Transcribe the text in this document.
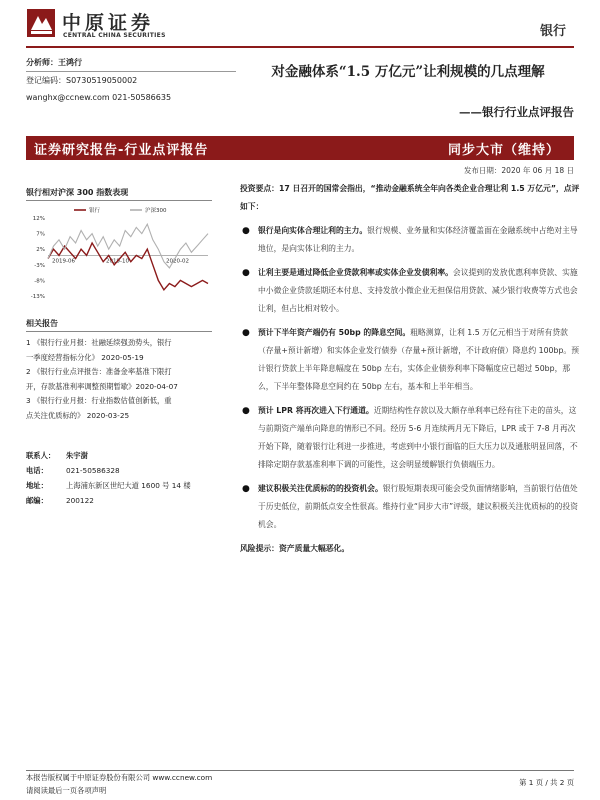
中原证券
CENTRAL CHINA SECURITIES	银行
分析师：王鸿行
登记编码：S0730519050002
wanghx@ccnew.com 021-50586635
对金融体系“1.5 万亿元”让利规模的几点理解
——银行行业点评报告
证券研究报告-行业点评报告	同步大市（维持）
发布日期：2020 年 06 月 18 日
银行相对沪深 300 指数表现
12%
7%
2%
-3%
-8%
-13%
2019-06	2019-10	2020-02
银行	沪深300
相关报告
1 《银行行业月报：社融延续强劲势头，银行
一季度经营指标分化》 2020-05-19
2 《银行行业点评报告：准备金率基准下限打
开，存款基准利率调整预期暂歇》2020-04-07
3 《银行行业月报：行业指数估值创新低，重
点关注优质标的》 2020-03-25
联系人： 朱宇澍
电话： 021-50586328
地址： 上海浦东新区世纪大道 1600 号 14 楼
邮编： 200122
投资要点：17 日召开的国常会指出，“推动金融系统全年向各类企业合理让利 1.5 万亿元”，点评如下：
● 银行是向实体合理让利的主力。银行规模、业务量和实体经济覆盖面在金融系统中占绝对主导地位，是向实体让利的主力。
● 让利主要是通过降低企业贷款利率或实体企业发债利率。会议提到的发放优惠利率贷款、实施中小微企业贷款延期还本付息、支持发放小微企业无担保信用贷款、减少银行收费等方式也会让利，但占比相对较小。
● 预计下半年资产端仍有 50bp 的降息空间。粗略测算，让利 1.5 万亿元相当于对所有贷款（存量+预计新增）和实体企业发行债券（存量+预计新增，不计政府债）降息约 100bp。预计银行贷款上半年降息幅度在 50bp 左右，实体企业债券利率下降幅度应已超过 50bp，那么，下半年整体降息空间约在 50bp 左右，基本和上半年相当。
● 预计 LPR 将再次进入下行通道。近期结构性存款以及大额存单利率已经有往下走的苗头，这与前期资产端单向降息的情形已不同。经历 5-6 月连续两月无下降后，LPR 或于 7-8 月再次开始下降，随着银行让利进一步推进，考虑到中小银行面临的巨大压力以及通胀明显回落，不排除定期存款基准利率下调的可能性，这会明显缓解银行负债端压力。
● 建议积极关注优质标的的投资机会。银行股短期表现可能会受负面情绪影响，当前银行估值处于历史低位，前期低点安全性很高。维持行业“同步大市”评级，建议积极关注优质标的的投资机会。
风险提示：资产质量大幅恶化。
本报告版权属于中原证券股份有限公司 www.ccnew.com
请阅读最后一页各项声明
第 1 页 / 共 2 页
